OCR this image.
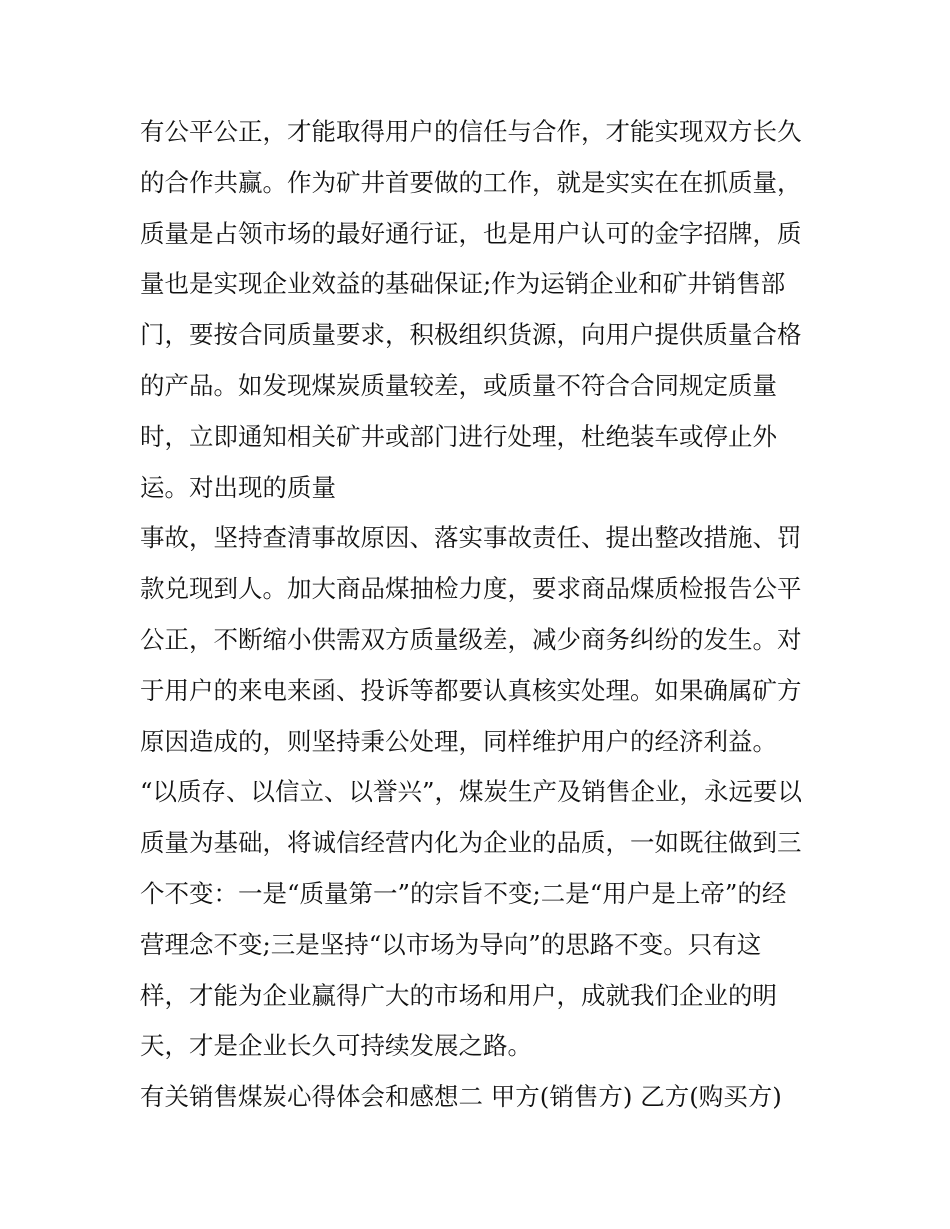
有公平公正，才能取得用户的信任与合作，才能实现双方长久
的合作共赢。作为矿井首要做的工作，就是实实在在抓质量，
质量是占领市场的最好通行证，也是用户认可的金字招牌，质
量也是实现企业效益的基础保证;作为运销企业和矿井销售部
门，要按合同质量要求，积极组织货源，向用户提供质量合格
的产品。如发现煤炭质量较差，或质量不符合合同规定质量
时，立即通知相关矿井或部门进行处理，杜绝装车或停止外
运。对出现的质量
事故，坚持查清事故原因、落实事故责任、提出整改措施、罚
款兑现到人。加大商品煤抽检力度，要求商品煤质检报告公平
公正，不断缩小供需双方质量级差，减少商务纠纷的发生。对
于用户的来电来函、投诉等都要认真核实处理。如果确属矿方
原因造成的，则坚持秉公处理，同样维护用户的经济利益。
“以质存、以信立、以誉兴”，煤炭生产及销售企业，永远要以
质量为基础，将诚信经营内化为企业的品质，一如既往做到三
个不变：一是“质量第一”的宗旨不变;二是“用户是上帝”的经
营理念不变;三是坚持“以市场为导向”的思路不变。只有这
样，才能为企业赢得广大的市场和用户，成就我们企业的明
天，才是企业长久可持续发展之路。
有关销售煤炭心得体会和感想二 甲方(销售方) 乙方(购买方)
